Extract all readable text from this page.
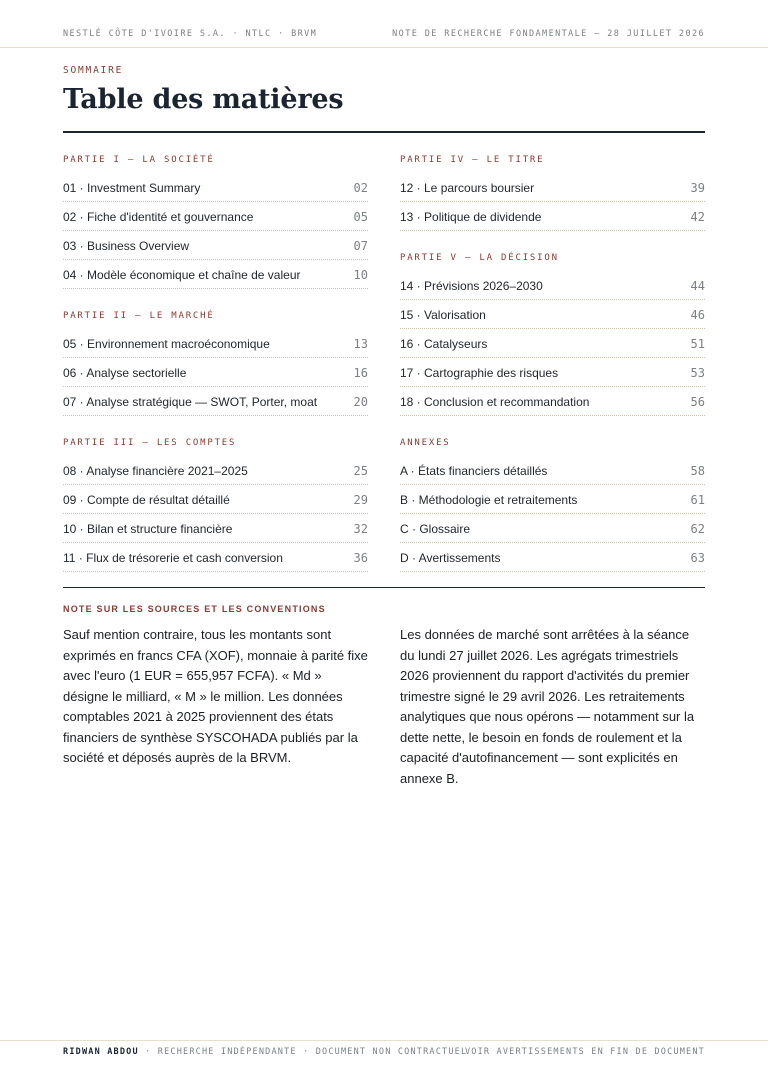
NESTLÉ CÔTE D'IVOIRE S.A. · NTLC · BRVM	NOTE DE RECHERCHE FONDAMENTALE — 28 JUILLET 2026
SOMMAIRE
Table des matières
PARTIE I — LA SOCIÉTÉ
01 · Investment Summary	02
02 · Fiche d'identité et gouvernance	05
03 · Business Overview	07
04 · Modèle économique et chaîne de valeur	10
PARTIE II — LE MARCHÉ
05 · Environnement macroéconomique	13
06 · Analyse sectorielle	16
07 · Analyse stratégique — SWOT, Porter, moat	20
PARTIE III — LES COMPTES
08 · Analyse financière 2021–2025	25
09 · Compte de résultat détaillé	29
10 · Bilan et structure financière	32
11 · Flux de trésorerie et cash conversion	36
PARTIE IV — LE TITRE
12 · Le parcours boursier	39
13 · Politique de dividende	42
PARTIE V — LA DÉCISION
14 · Prévisions 2026–2030	44
15 · Valorisation	46
16 · Catalyseurs	51
17 · Cartographie des risques	53
18 · Conclusion et recommandation	56
ANNEXES
A · États financiers détaillés	58
B · Méthodologie et retraitements	61
C · Glossaire	62
D · Avertissements	63
NOTE SUR LES SOURCES ET LES CONVENTIONS

Sauf mention contraire, tous les montants sont exprimés en francs CFA (XOF), monnaie à parité fixe avec l'euro (1 EUR = 655,957 FCFA). « Md » désigne le milliard, « M » le million. Les données comptables 2021 à 2025 proviennent des états financiers de synthèse SYSCOHADA publiés par la société et déposés auprès de la BRVM.

Les données de marché sont arrêtées à la séance du lundi 27 juillet 2026. Les agrégats trimestriels 2026 proviennent du rapport d'activités du premier trimestre signé le 29 avril 2026. Les retraitements analytiques que nous opérons — notamment sur la dette nette, le besoin en fonds de roulement et la capacité d'autofinancement — sont explicités en annexe B.

RIDWAN ABDOU · RECHERCHE INDÉPENDANTE · DOCUMENT NON CONTRACTUEL
VOIR AVERTISSEMENTS EN FIN DE DOCUMENT
